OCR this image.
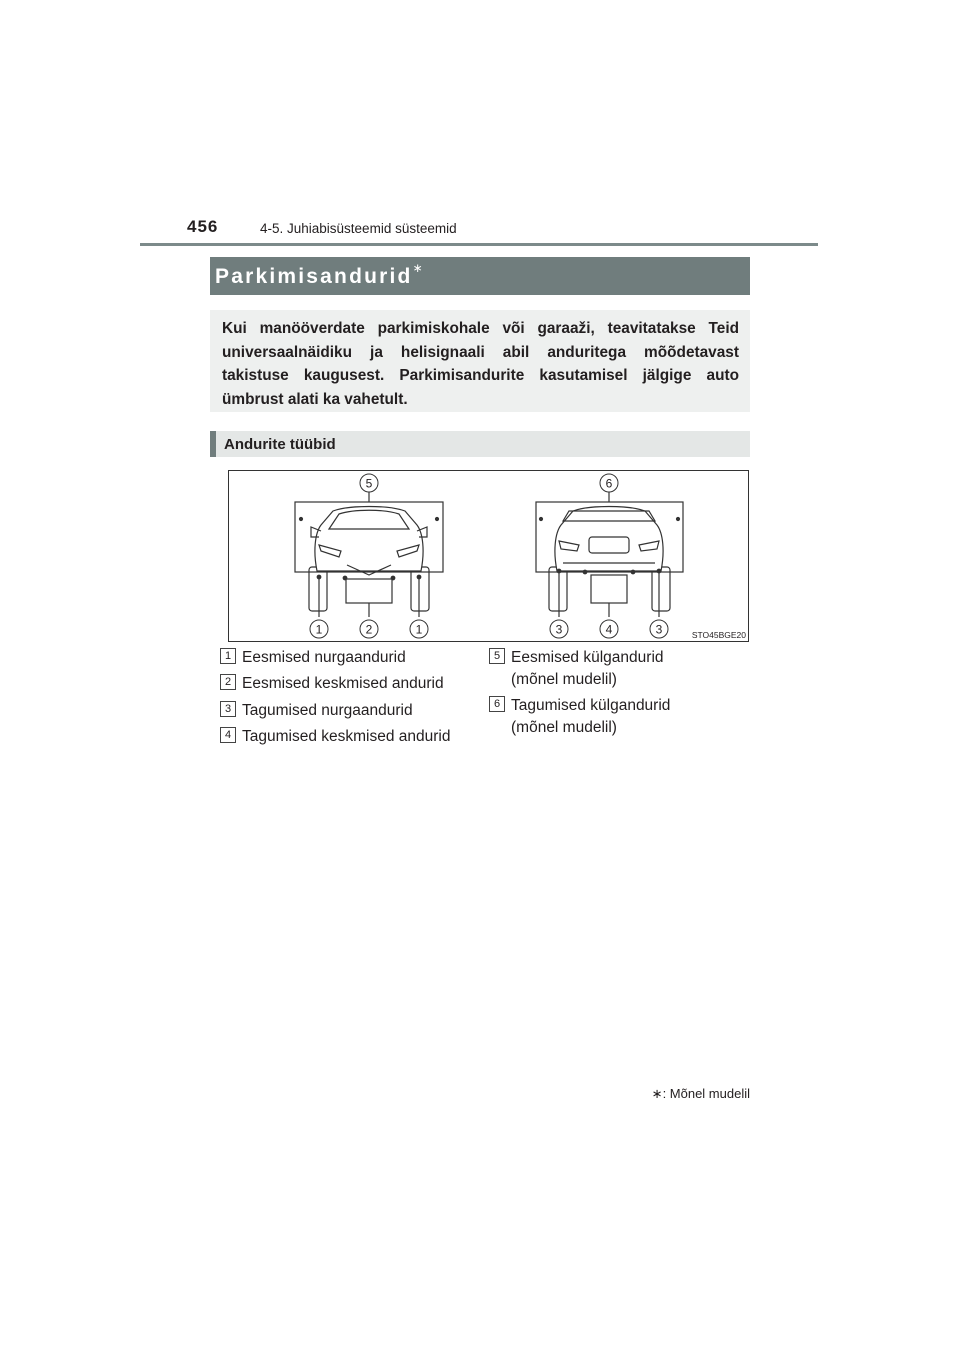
456	4-5. Juhiabisüsteemid süsteemid
Parkimisandurid∗
Kui manööverdate parkimiskohale või garaaži, teavitatakse Teid universaalnäidiku ja helisignaali abil anduritega mõõdetavast takistuse kaugusest. Parkimisandurite kasutamisel jälgige auto ümbrust alati ka vahetult.
Andurite tüübid
5	6
1	2	1	3	4	3	STO45BGE20
1 Eesmised nurgaandurid
2 Eesmised keskmised andurid
3 Tagumised nurgaandurid
4 Tagumised keskmised andurid
5 Eesmised külgandurid
(mõnel mudelil)
6 Tagumised külgandurid
(mõnel mudelil)
∗: Mõnel mudelil
